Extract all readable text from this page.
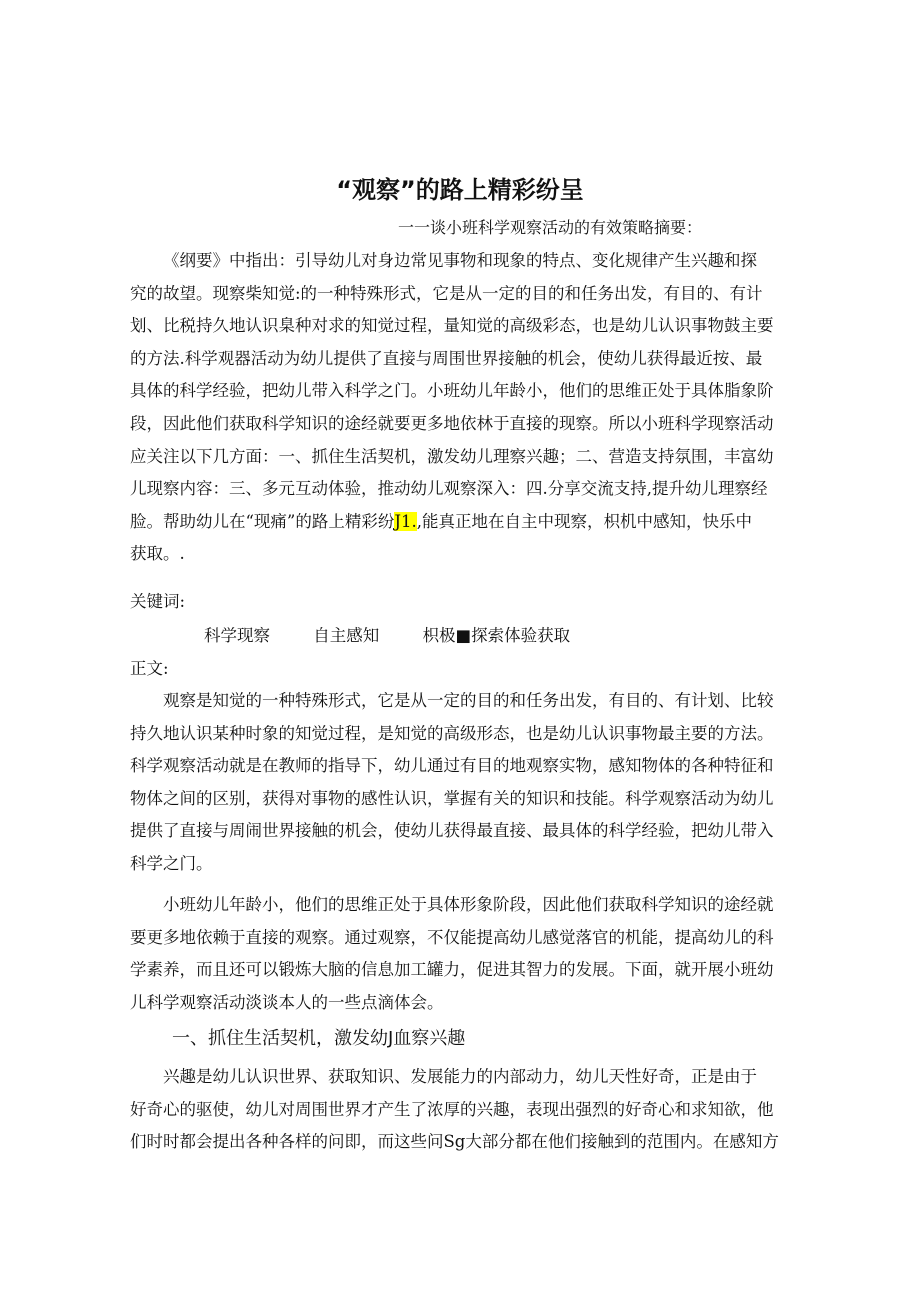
“观察”的路上精彩纷呈
一一谈小班科学观察活动的有效策略摘要：
《纲要》中指出：引导幼儿对身边常见事物和现象的特点、变化规律产生兴趣和探
究的故望。现察柴知觉:的一种特殊形式，它是从一定的目的和任务出发，有目的、有计
划、比税持久地认识臬种对求的知觉过程，量知觉的高级彩态，也是幼儿认识事物鼓主要
的方法.科学观器活动为幼儿提供了直接与周围世界接触的机会，使幼儿获得最近按、最
具体的科学经验，把幼儿带入科学之门。小班幼儿年龄小，他们的思维正处于具体脂象阶
段，因此他们获取科学知识的途经就要更多地依林于直接的现察。所以小班科学现察活动
应关注以下几方面：一、抓住生活契机，激发幼儿理察兴趣；二、营造支持氛围，丰富幼
儿现察内容：三、多元互动体验，推动幼儿观察深入：四.分享交流支持,提升幼儿理察经
脸。帮助幼儿在“现痛”的路上精彩纷J1.,能真正地在自主中现察，枳机中感知，快乐中
获取。.
关键词:
科学现察	自主感知	枳极■探索体验获取
正文:
观察是知觉的一种特殊形式，它是从一定的目的和任务出发，有目的、有计划、比较
持久地认识某种时象的知觉过程，是知觉的高级形态，也是幼儿认识事物最主要的方法。
科学观察活动就是在教师的指导下，幼儿通过有目的地观察实物，感知物体的各种特征和
物体之间的区别，获得对事物的感性认识，掌握有关的知识和技能。科学观察活动为幼儿
提供了直接与周闹世界接触的机会，使幼儿获得最直接、最具体的科学经验，把幼儿带入
科学之门。
小班幼儿年龄小，他们的思维正处于具体形象阶段，因此他们获取科学知识的途经就
要更多地依赖于直接的观察。通过观察，不仅能提高幼儿感觉落官的机能，提高幼儿的科
学素养，而且还可以锻炼大脑的信息加工罐力，促进其智力的发展。下面，就开展小班幼
儿科学观察活动淡谈本人的一些点滴体会。
一、抓住生活契机，激发幼J血察兴趣
兴趣是幼儿认识世界、获取知识、发展能力的内部动力，幼儿天性好奇，正是由于
好奇心的驱使，幼儿对周围世界才产生了浓厚的兴趣，表现出强烈的好奇心和求知欲，他
们时时都会提出各种各样的问即，而这些问Sg大部分都在他们接触到的范围内。在感知方
